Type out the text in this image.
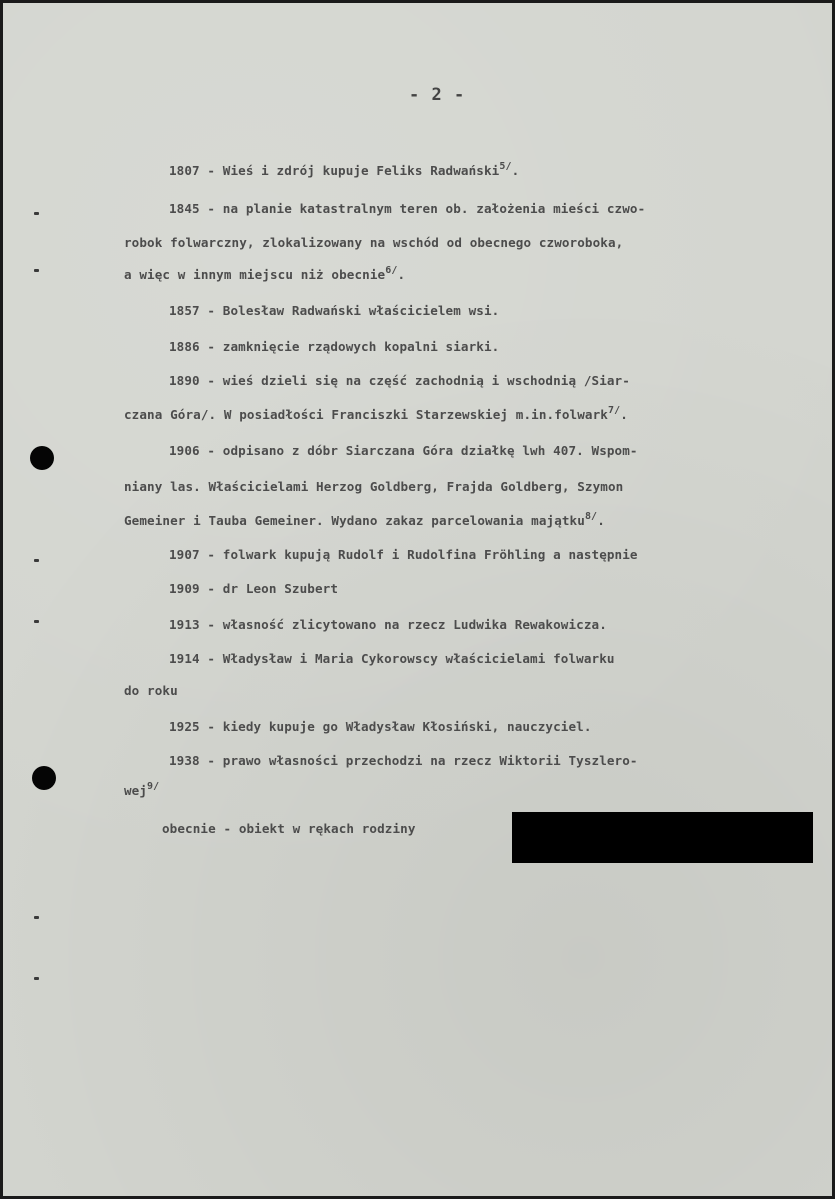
- 2 -
1807 - Wieś i zdrój kupuje Feliks Radwański$^{5/}$.
1845 - na planie katastralnym teren ob. założenia mieści czwo-
robok folwarczny, zlokalizowany na wschód od obecnego czworoboka,
a więc w innym miejscu niż obecnie$^{6/}$.
1857 - Bolesław Radwański właścicielem wsi.
1886 - zamknięcie rządowych kopalni siarki.
1890 - wieś dzieli się na część zachodnią i wschodnią /Siar-
czana Góra/. W posiadłości Franciszki Starzewskiej m.in.folwark$^{7/}$.
1906 - odpisano z dóbr Siarczana Góra działkę lwh 407. Wspom-
niany las. Właścicielami Herzog Goldberg, Frajda Goldberg, Szymon
Gemeiner i Tauba Gemeiner. Wydano zakaz parcelowania majątku$^{8/}$.
1907 - folwark kupują Rudolf i Rudolfina Fröhling a następnie
1909 - dr Leon Szubert
1913 - własność zlicytowano na rzecz Ludwika Rewakowicza.
1914 - Władysław i Maria Cykorowscy właścicielami folwarku
do roku
1925 - kiedy kupuje go Władysław Kłosiński, nauczyciel.
1938 - prawo własności przechodzi na rzecz Wiktorii Tyszlero-
wej$^{9/}$
obecnie - obiekt w rękach rodziny
